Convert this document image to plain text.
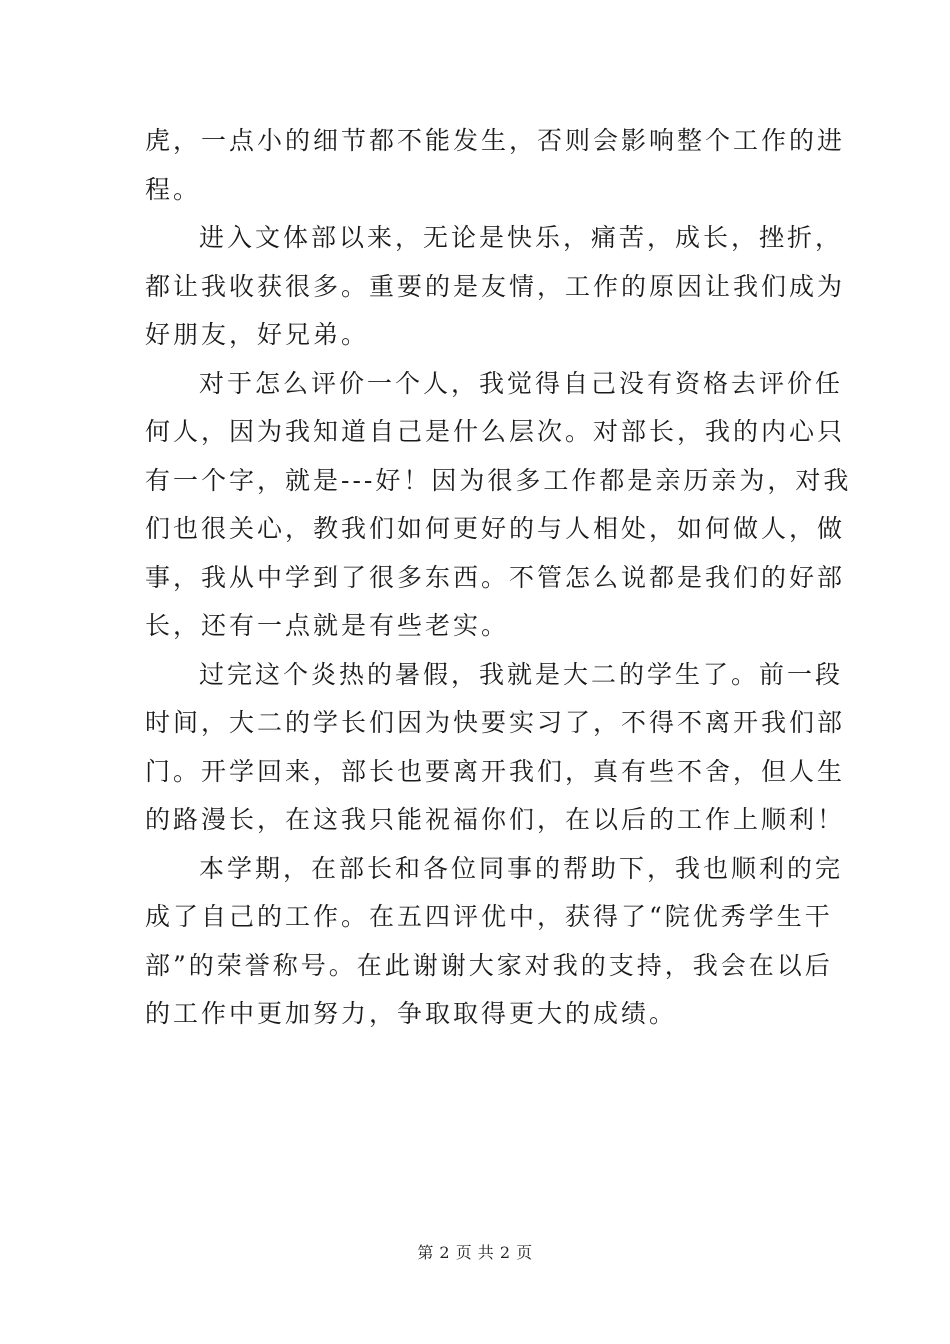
虎，一点小的细节都不能发生，否则会影响整个工作的进
程。
进入文体部以来，无论是快乐，痛苦，成长，挫折，
都让我收获很多。重要的是友情，工作的原因让我们成为
好朋友，好兄弟。
对于怎么评价一个人，我觉得自己没有资格去评价任
何人，因为我知道自己是什么层次。对部长，我的内心只
有一个字，就是---好！因为很多工作都是亲历亲为，对我
们也很关心，教我们如何更好的与人相处，如何做人，做
事，我从中学到了很多东西。不管怎么说都是我们的好部
长，还有一点就是有些老实。
过完这个炎热的暑假，我就是大二的学生了。前一段
时间，大二的学长们因为快要实习了，不得不离开我们部
门。开学回来，部长也要离开我们，真有些不舍，但人生
的路漫长，在这我只能祝福你们，在以后的工作上顺利！
本学期，在部长和各位同事的帮助下，我也顺利的完
成了自己的工作。在五四评优中，获得了“院优秀学生干
部”的荣誉称号。在此谢谢大家对我的支持，我会在以后
的工作中更加努力，争取取得更大的成绩。
第 2 页 共 2 页
